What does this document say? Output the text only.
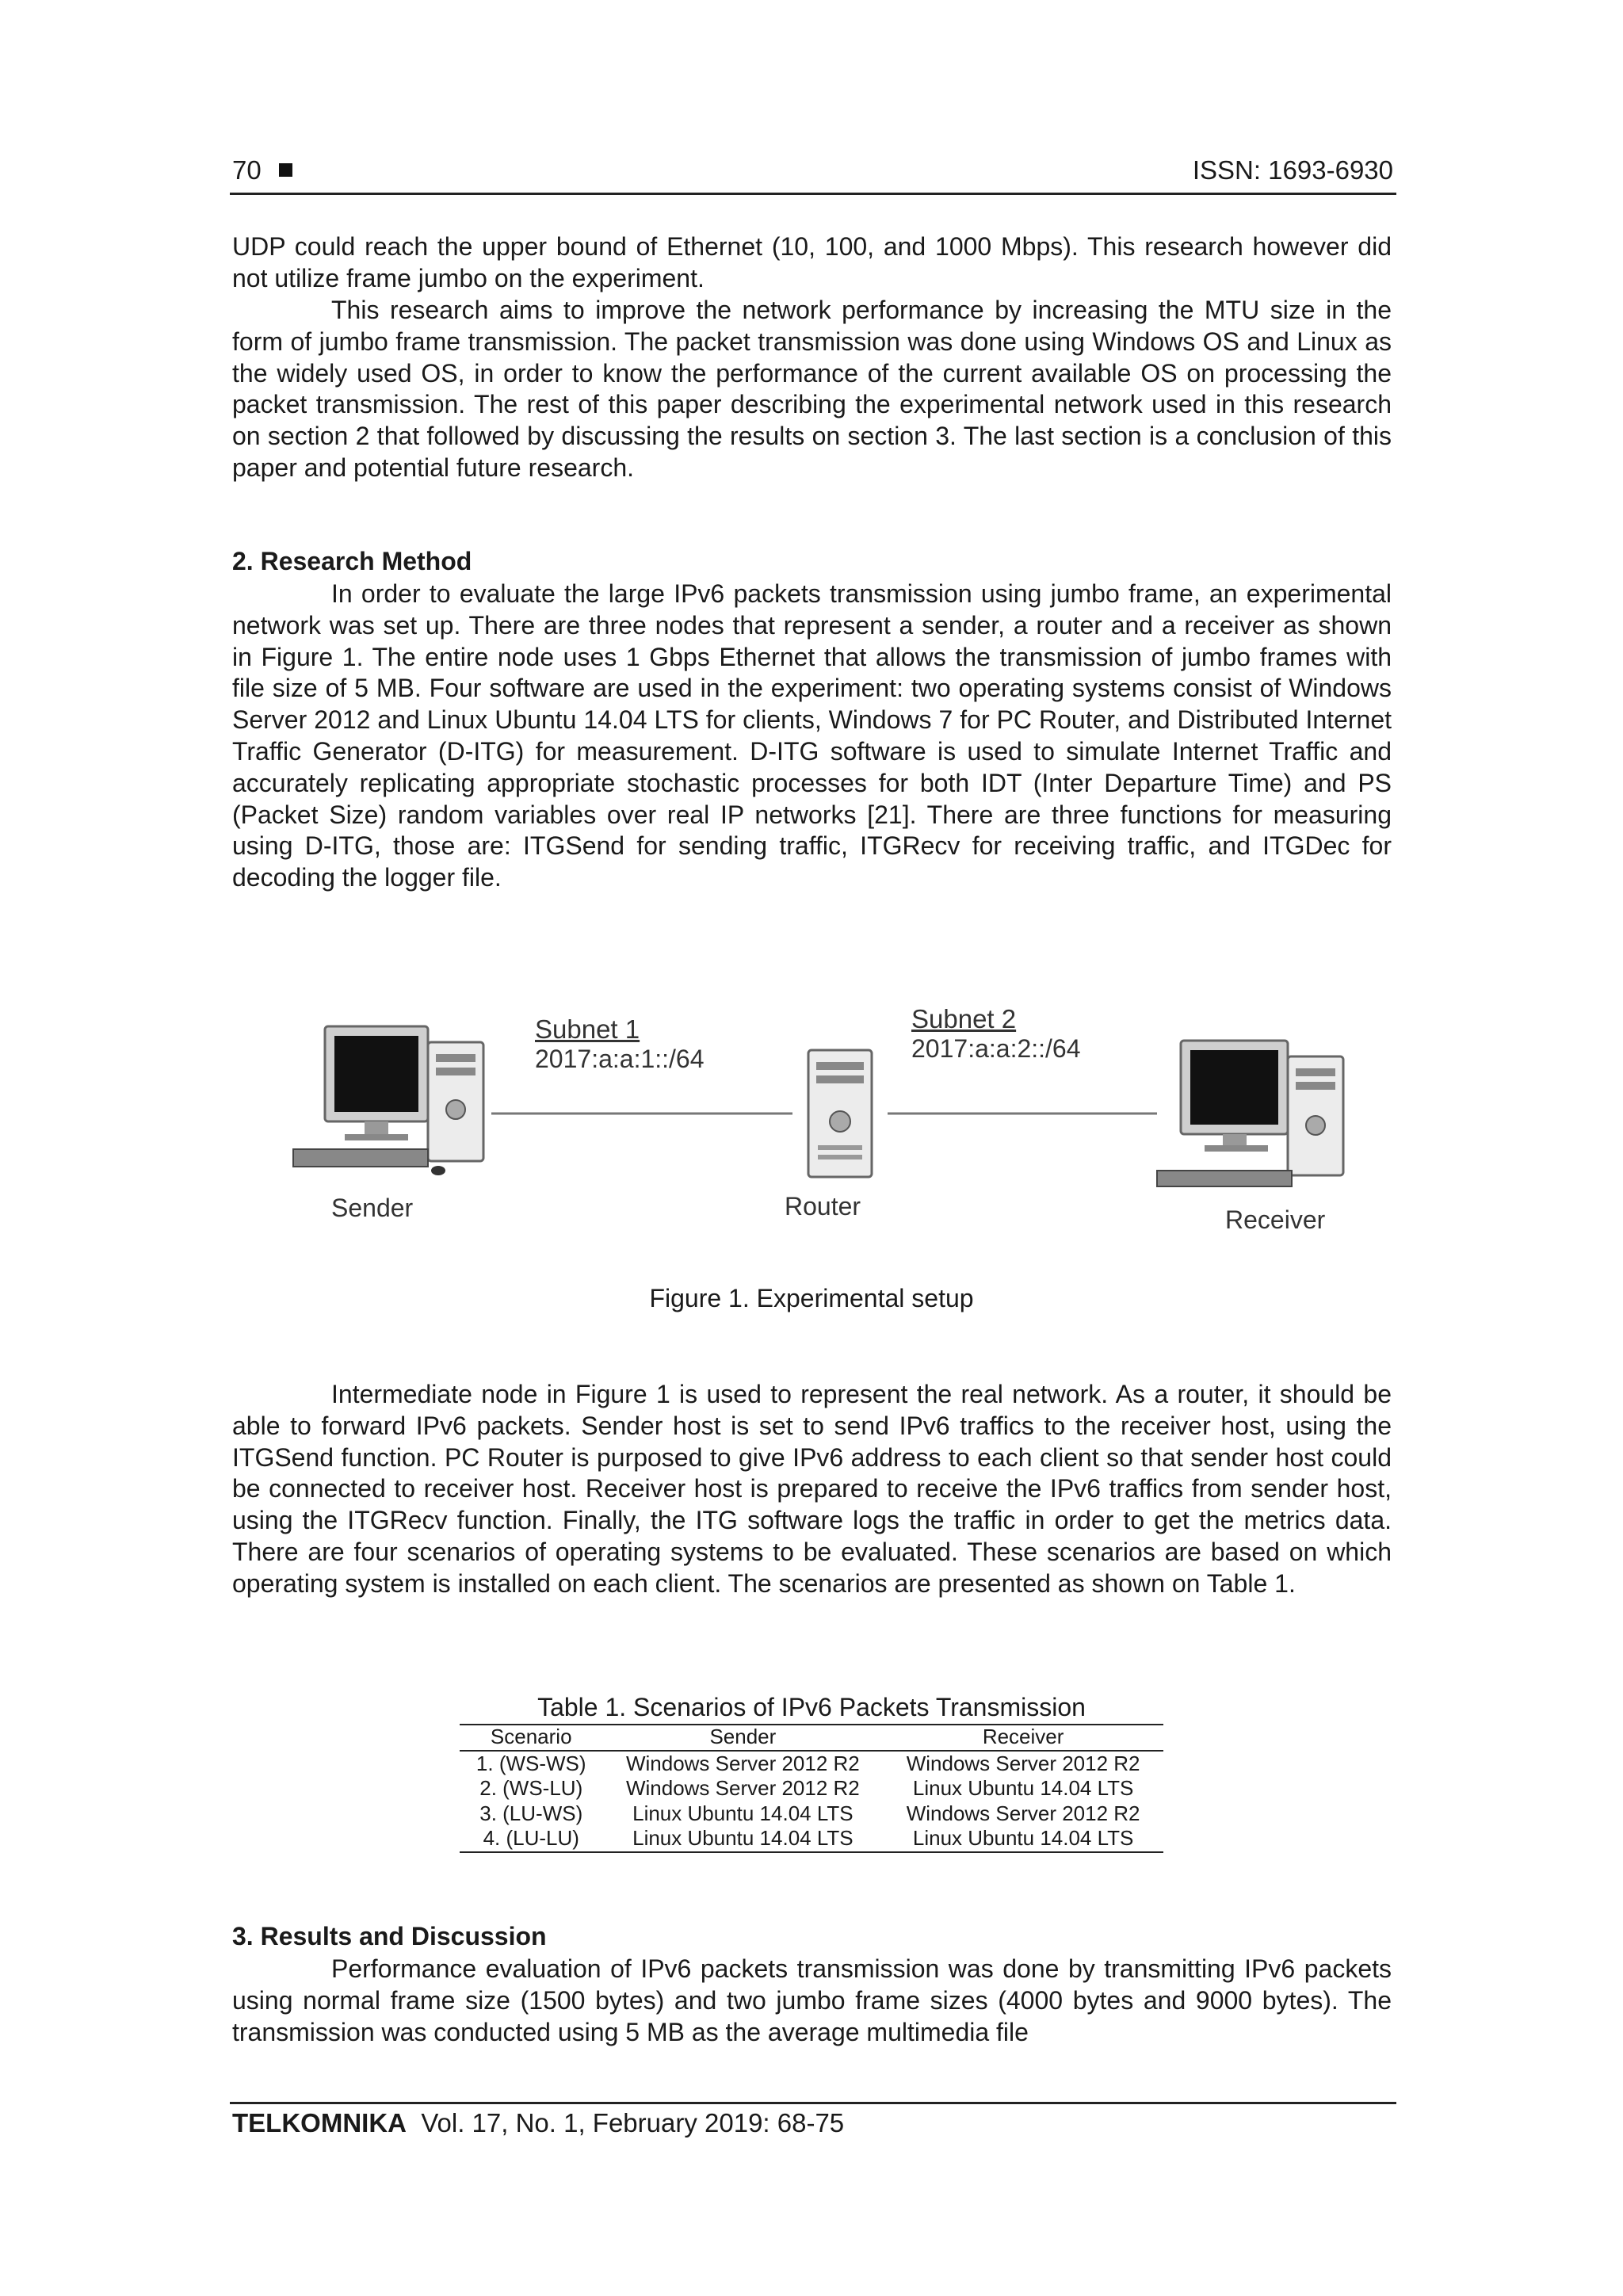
70	ISSN: 1693-6930
UDP could reach the upper bound of Ethernet (10, 100, and 1000 Mbps). This research however did not utilize frame jumbo on the experiment.
This research aims to improve the network performance by increasing the MTU size in the form of jumbo frame transmission. The packet transmission was done using Windows OS and Linux as the widely used OS, in order to know the performance of the current available OS on processing the packet transmission. The rest of this paper describing the experimental network used in this research on section 2 that followed by discussing the results on section 3. The last section is a conclusion of this paper and potential future research.
2. Research Method
In order to evaluate the large IPv6 packets transmission using jumbo frame, an experimental network was set up. There are three nodes that represent a sender, a router and a receiver as shown in Figure 1. The entire node uses 1 Gbps Ethernet that allows the transmission of jumbo frames with file size of 5 MB. Four software are used in the experiment: two operating systems consist of Windows Server 2012 and Linux Ubuntu 14.04 LTS for clients, Windows 7 for PC Router, and Distributed Internet Traffic Generator (D-ITG) for measurement. D-ITG software is used to simulate Internet Traffic and accurately replicating appropriate stochastic processes for both IDT (Inter Departure Time) and PS (Packet Size) random variables over real IP networks [21]. There are three functions for measuring using D-ITG, those are: ITGSend for sending traffic, ITGRecv for receiving traffic, and ITGDec for decoding the logger file.
Subnet 1
2017:a:a:1::/64
Subnet 2
2017:a:a:2::/64
Sender	Router	Receiver
Figure 1. Experimental setup
Intermediate node in Figure 1 is used to represent the real network. As a router, it should be able to forward IPv6 packets. Sender host is set to send IPv6 traffics to the receiver host, using the ITGSend function. PC Router is purposed to give IPv6 address to each client so that sender host could be connected to receiver host. Receiver host is prepared to receive the IPv6 traffics from sender host, using the ITGRecv function. Finally, the ITG software logs the traffic in order to get the metrics data. There are four scenarios of operating systems to be evaluated. These scenarios are based on which operating system is installed on each client. The scenarios are presented as shown on Table 1.
Table 1. Scenarios of IPv6 Packets Transmission
Scenario	Sender	Receiver
1. (WS-WS)	Windows Server 2012 R2	Windows Server 2012 R2
2. (WS-LU)	Windows Server 2012 R2	Linux Ubuntu 14.04 LTS
3. (LU-WS)	Linux Ubuntu 14.04 LTS	Windows Server 2012 R2
4. (LU-LU)	Linux Ubuntu 14.04 LTS	Linux Ubuntu 14.04 LTS
3. Results and Discussion
Performance evaluation of IPv6 packets transmission was done by transmitting IPv6 packets using normal frame size (1500 bytes) and two jumbo frame sizes (4000 bytes and 9000 bytes). The transmission was conducted using 5 MB as the average multimedia file
TELKOMNIKA Vol. 17, No. 1, February 2019: 68-75
